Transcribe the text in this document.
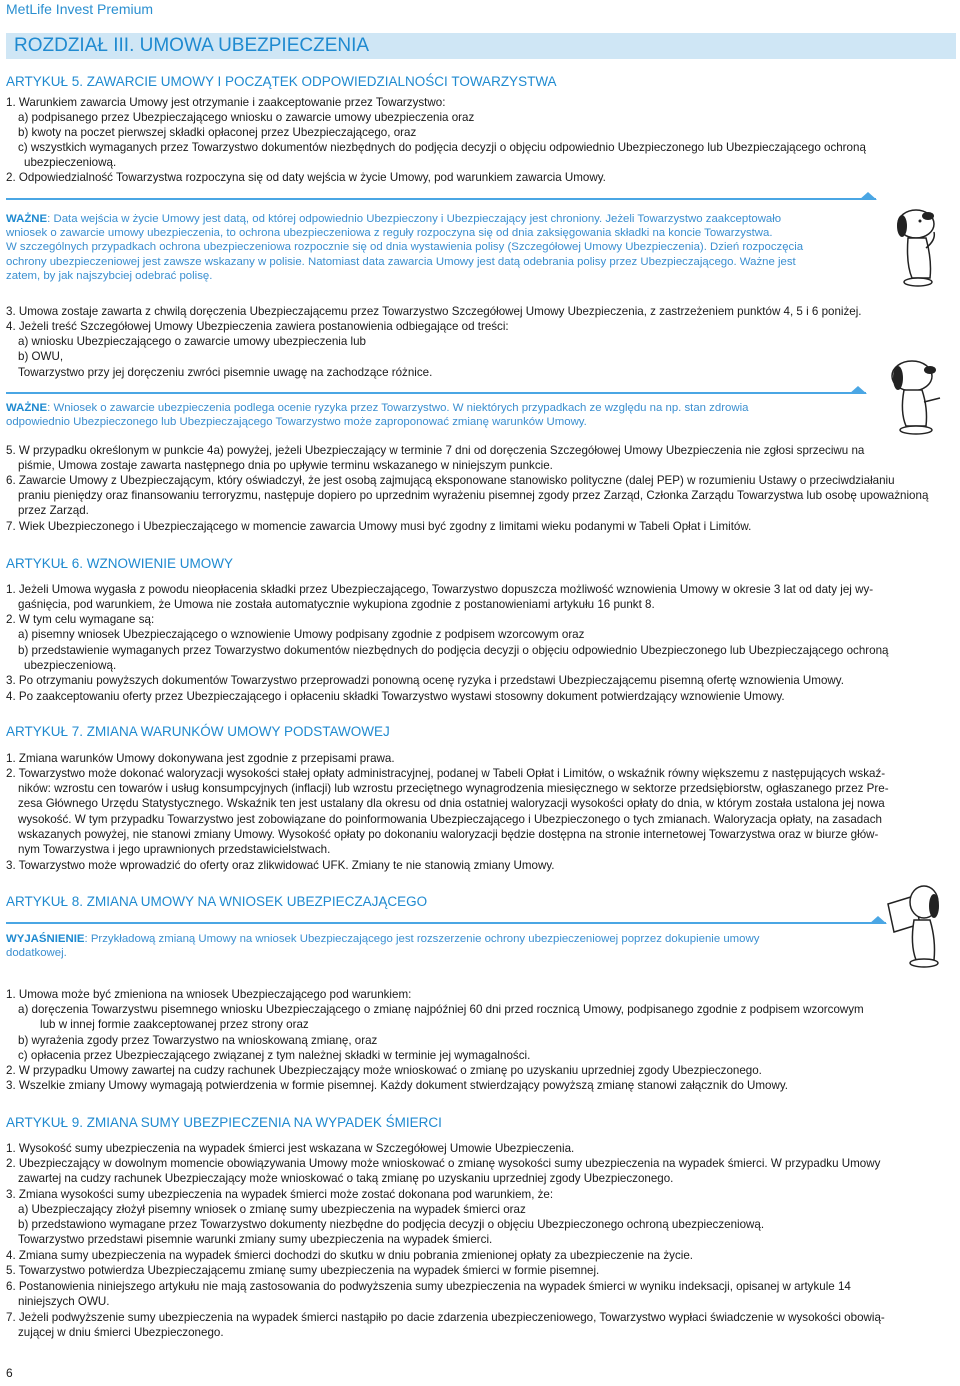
MetLife Invest Premium
ROZDZIAŁ III. UMOWA UBEZPIECZENIA
ARTYKUŁ 5. ZAWARCIE UMOWY I POCZĄTEK ODPOWIEDZIALNOŚCI TOWARZYSTWA
1. Warunkiem zawarcia Umowy jest otrzymanie i zaakceptowanie przez Towarzystwo:
a) podpisanego przez Ubezpieczającego wniosku o zawarcie umowy ubezpieczenia oraz
b) kwoty na poczet pierwszej składki opłaconej przez Ubezpieczającego, oraz
c) wszystkich wymaganych przez Towarzystwo dokumentów niezbędnych do podjęcia decyzji o objęciu odpowiednio Ubezpieczonego lub Ubezpieczającego ochroną
ubezpieczeniową.
2. Odpowiedzialność Towarzystwa rozpoczyna się od daty wejścia w życie Umowy, pod warunkiem zawarcia Umowy.
WAŻNE: Data wejścia w życie Umowy jest datą, od której odpowiednio Ubezpieczony i Ubezpieczający jest chroniony. Jeżeli Towarzystwo zaakceptowało
wniosek o zawarcie umowy ubezpieczenia, to ochrona ubezpieczeniowa z reguły rozpoczyna się od dnia zaksięgowania składki na koncie Towarzystwa.
W szczególnych przypadkach ochrona ubezpieczeniowa rozpocznie się od dnia wystawienia polisy (Szczegółowej Umowy Ubezpieczenia). Dzień rozpoczęcia
ochrony ubezpieczeniowej jest zawsze wskazany w polisie. Natomiast data zawarcia Umowy jest datą odebrania polisy przez Ubezpieczającego. Ważne jest
zatem, by jak najszybciej odebrać polisę.
3. Umowa zostaje zawarta z chwilą doręczenia Ubezpieczającemu przez Towarzystwo Szczegółowej Umowy Ubezpieczenia, z zastrzeżeniem punktów 4, 5 i 6 poniżej.
4. Jeżeli treść Szczegółowej Umowy Ubezpieczenia zawiera postanowienia odbiegające od treści:
a) wniosku Ubezpieczającego o zawarcie umowy ubezpieczenia lub
b) OWU,
Towarzystwo przy jej doręczeniu zwróci pisemnie uwagę na zachodzące różnice.
WAŻNE: Wniosek o zawarcie ubezpieczenia podlega ocenie ryzyka przez Towarzystwo. W niektórych przypadkach ze względu na np. stan zdrowia
odpowiednio Ubezpieczonego lub Ubezpieczającego Towarzystwo może zaproponować zmianę warunków Umowy.
5. W przypadku określonym w punkcie 4a) powyżej, jeżeli Ubezpieczający w terminie 7 dni od doręczenia Szczegółowej Umowy Ubezpieczenia nie zgłosi sprzeciwu na
piśmie, Umowa zostaje zawarta następnego dnia po upływie terminu wskazanego w niniejszym punkcie.
6. Zawarcie Umowy z Ubezpieczającym, który oświadczył, że jest osobą zajmującą eksponowane stanowisko polityczne (dalej PEP) w rozumieniu Ustawy o przeciwdziałaniu
praniu pieniędzy oraz finansowaniu terroryzmu, następuje dopiero po uprzednim wyrażeniu pisemnej zgody przez Zarząd, Członka Zarządu Towarzystwa lub osobę upoważnioną
przez Zarząd.
7. Wiek Ubezpieczonego i Ubezpieczającego w momencie zawarcia Umowy musi być zgodny z limitami wieku podanymi w Tabeli Opłat i Limitów.
ARTYKUŁ 6. WZNOWIENIE UMOWY
1. Jeżeli Umowa wygasła z powodu nieopłacenia składki przez Ubezpieczającego, Towarzystwo dopuszcza możliwość wznowienia Umowy w okresie 3 lat od daty jej wy-
gaśnięcia, pod warunkiem, że Umowa nie została automatycznie wykupiona zgodnie z postanowieniami artykułu 16 punkt 8.
2. W tym celu wymagane są:
a) pisemny wniosek Ubezpieczającego o wznowienie Umowy podpisany zgodnie z podpisem wzorcowym oraz
b) przedstawienie wymaganych przez Towarzystwo dokumentów niezbędnych do podjęcia decyzji o objęciu odpowiednio Ubezpieczonego lub Ubezpieczającego ochroną
ubezpieczeniową.
3. Po otrzymaniu powyższych dokumentów Towarzystwo przeprowadzi ponowną ocenę ryzyka i przedstawi Ubezpieczającemu pisemną ofertę wznowienia Umowy.
4. Po zaakceptowaniu oferty przez Ubezpieczającego i opłaceniu składki Towarzystwo wystawi stosowny dokument potwierdzający wznowienie Umowy.
ARTYKUŁ 7. ZMIANA WARUNKÓW UMOWY PODSTAWOWEJ
1. Zmiana warunków Umowy dokonywana jest zgodnie z przepisami prawa.
2. Towarzystwo może dokonać waloryzacji wysokości stałej opłaty administracyjnej, podanej w Tabeli Opłat i Limitów, o wskaźnik równy większemu z następujących wskaź-
ników: wzrostu cen towarów i usług konsumpcyjnych (inflacji) lub wzrostu przeciętnego wynagrodzenia miesięcznego w sektorze przedsiębiorstw, ogłaszanego przez Pre-
zesa Głównego Urzędu Statystycznego. Wskaźnik ten jest ustalany dla okresu od dnia ostatniej waloryzacji wysokości opłaty do dnia, w którym została ustalona jej nowa
wysokość. W tym przypadku Towarzystwo jest zobowiązane do poinformowania Ubezpieczającego i Ubezpieczonego o tych zmianach. Waloryzacja opłaty, na zasadach
wskazanych powyżej, nie stanowi zmiany Umowy. Wysokość opłaty po dokonaniu waloryzacji będzie dostępna na stronie internetowej Towarzystwa oraz w biurze głów-
nym Towarzystwa i jego uprawnionych przedstawicielstwach.
3. Towarzystwo może wprowadzić do oferty oraz zlikwidować UFK. Zmiany te nie stanowią zmiany Umowy.
ARTYKUŁ 8. ZMIANA UMOWY NA WNIOSEK UBEZPIECZAJĄCEGO
WYJAŚNIENIE: Przykładową zmianą Umowy na wniosek Ubezpieczającego jest rozszerzenie ochrony ubezpieczeniowej poprzez dokupienie umowy
dodatkowej.
1. Umowa może być zmieniona na wniosek Ubezpieczającego pod warunkiem:
a) doręczenia Towarzystwu pisemnego wniosku Ubezpieczającego o zmianę najpóźniej 60 dni przed rocznicą Umowy, podpisanego zgodnie z podpisem wzorcowym
lub w innej formie zaakceptowanej przez strony oraz
b) wyrażenia zgody przez Towarzystwo na wnioskowaną zmianę, oraz
c) opłacenia przez Ubezpieczającego związanej z tym należnej składki w terminie jej wymagalności.
2. W przypadku Umowy zawartej na cudzy rachunek Ubezpieczający może wnioskować o zmianę po uzyskaniu uprzedniej zgody Ubezpieczonego.
3. Wszelkie zmiany Umowy wymagają potwierdzenia w formie pisemnej. Każdy dokument stwierdzający powyższą zmianę stanowi załącznik do Umowy.
ARTYKUŁ 9. ZMIANA SUMY UBEZPIECZENIA NA WYPADEK ŚMIERCI
1. Wysokość sumy ubezpieczenia na wypadek śmierci jest wskazana w Szczegółowej Umowie Ubezpieczenia.
2. Ubezpieczający w dowolnym momencie obowiązywania Umowy może wnioskować o zmianę wysokości sumy ubezpieczenia na wypadek śmierci. W przypadku Umowy
zawartej na cudzy rachunek Ubezpieczający może wnioskować o taką zmianę po uzyskaniu uprzedniej zgody Ubezpieczonego.
3. Zmiana wysokości sumy ubezpieczenia na wypadek śmierci może zostać dokonana pod warunkiem, że:
a) Ubezpieczający złożył pisemny wniosek o zmianę sumy ubezpieczenia na wypadek śmierci oraz
b) przedstawiono wymagane przez Towarzystwo dokumenty niezbędne do podjęcia decyzji o objęciu Ubezpieczonego ochroną ubezpieczeniową.
Towarzystwo przedstawi pisemnie warunki zmiany sumy ubezpieczenia na wypadek śmierci.
4. Zmiana sumy ubezpieczenia na wypadek śmierci dochodzi do skutku w dniu pobrania zmienionej opłaty za ubezpieczenie na życie.
5. Towarzystwo potwierdza Ubezpieczającemu zmianę sumy ubezpieczenia na wypadek śmierci w formie pisemnej.
6. Postanowienia niniejszego artykułu nie mają zastosowania do podwyższenia sumy ubezpieczenia na wypadek śmierci w wyniku indeksacji, opisanej w artykule 14
niniejszych OWU.
7. Jeżeli podwyższenie sumy ubezpieczenia na wypadek śmierci nastąpiło po dacie zdarzenia ubezpieczeniowego, Towarzystwo wypłaci świadczenie w wysokości obowią-
zującej w dniu śmierci Ubezpieczonego.
6
